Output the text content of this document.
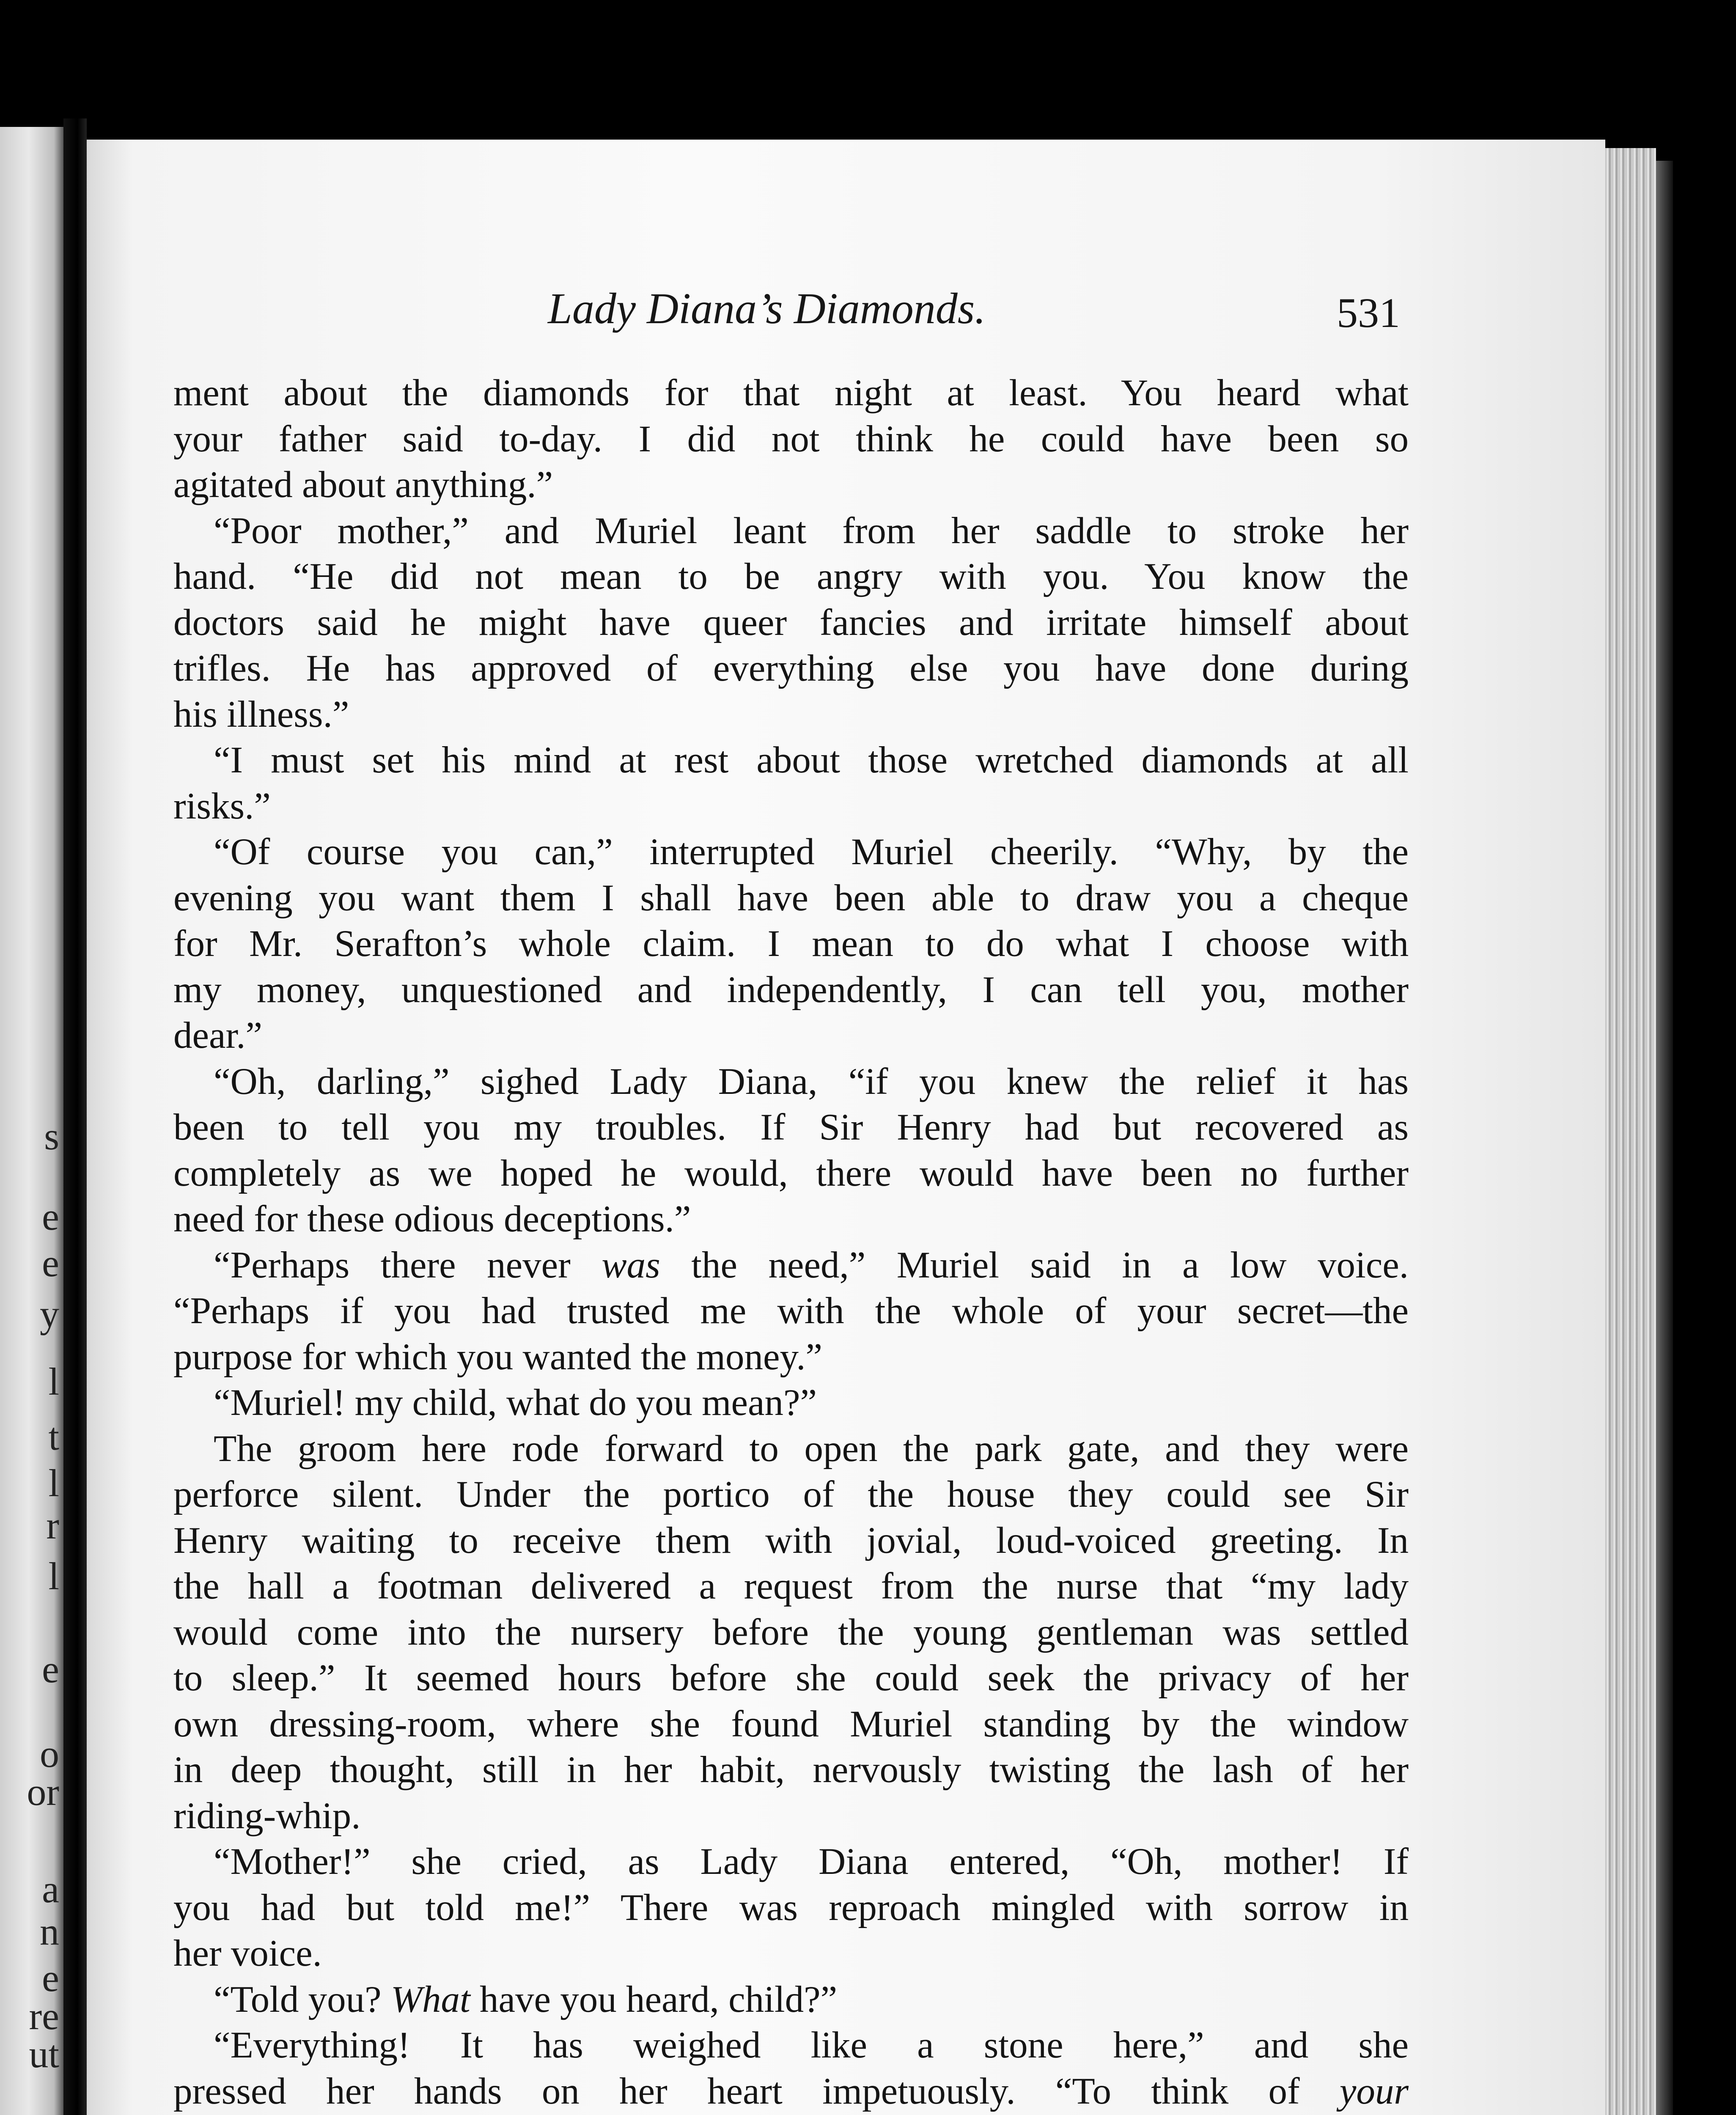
s
e
e
y
l
t
l
r
l
e
o
or
a
n
e
re
ut
Lady Diana’s Diamonds.	531
ment about the diamonds for that night at least. You heard what
your father said to-day. I did not think he could have been so
agitated about anything.”
“Poor mother,” and Muriel leant from her saddle to stroke her
hand. “He did not mean to be angry with you. You know the
doctors said he might have queer fancies and irritate himself about
trifles. He has approved of everything else you have done during
his illness.”
“I must set his mind at rest about those wretched diamonds at all
risks.”
“Of course you can,” interrupted Muriel cheerily. “Why, by the
evening you want them I shall have been able to draw you a cheque
for Mr. Serafton’s whole claim. I mean to do what I choose with
my money, unquestioned and independently, I can tell you, mother
dear.”
“Oh, darling,” sighed Lady Diana, “if you knew the relief it has
been to tell you my troubles. If Sir Henry had but recovered as
completely as we hoped he would, there would have been no further
need for these odious deceptions.”
“Perhaps there never was the need,” Muriel said in a low voice.
“Perhaps if you had trusted me with the whole of your secret—the
purpose for which you wanted the money.”
“Muriel! my child, what do you mean?”
The groom here rode forward to open the park gate, and they were
perforce silent. Under the portico of the house they could see Sir
Henry waiting to receive them with jovial, loud-voiced greeting. In
the hall a footman delivered a request from the nurse that “my lady
would come into the nursery before the young gentleman was settled
to sleep.” It seemed hours before she could seek the privacy of her
own dressing-room, where she found Muriel standing by the window
in deep thought, still in her habit, nervously twisting the lash of her
riding-whip.
“Mother!” she cried, as Lady Diana entered, “Oh, mother! If
you had but told me!” There was reproach mingled with sorrow in
her voice.
“Told you? What have you heard, child?”
“Everything! It has weighed like a stone here,” and she
pressed her hands on her heart impetuously. “To think of your
